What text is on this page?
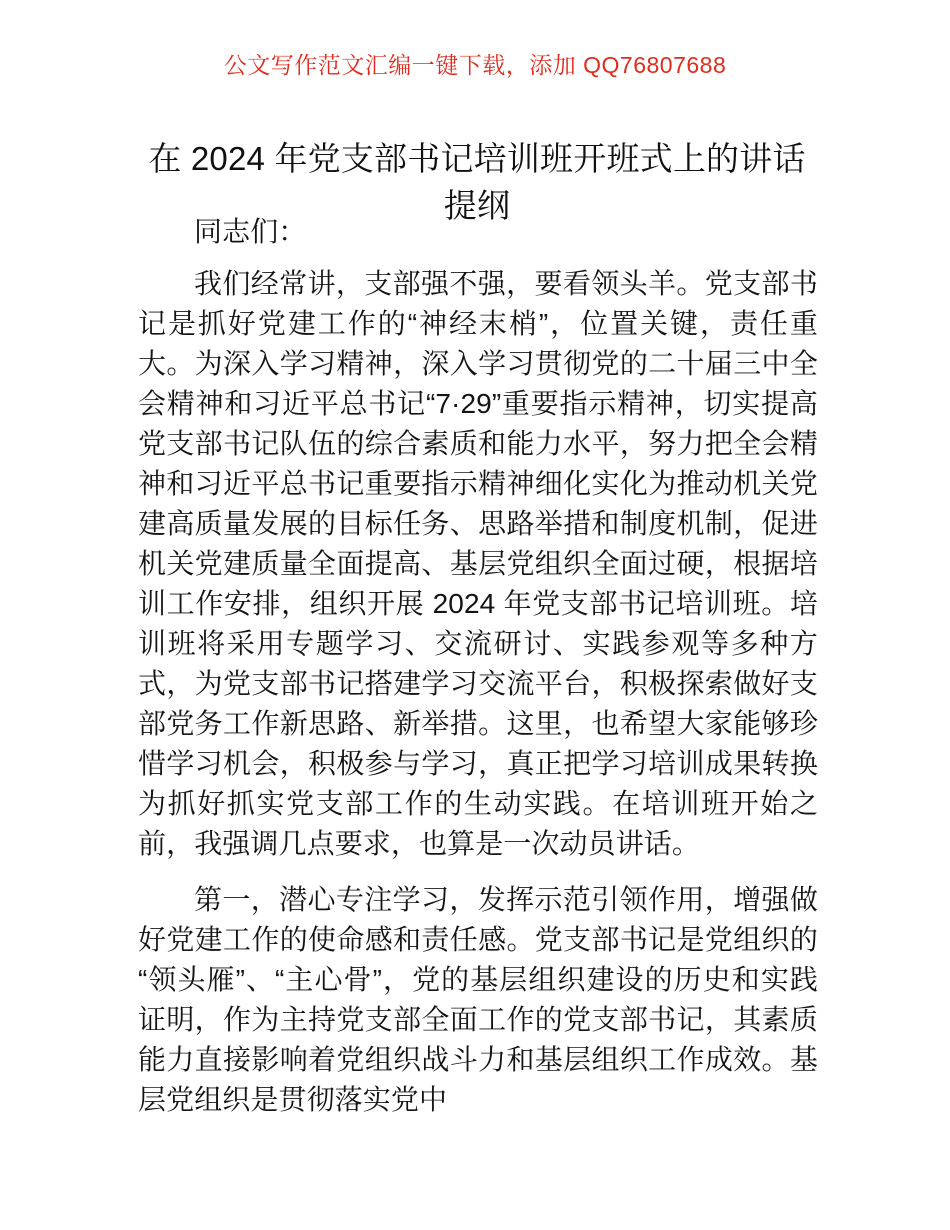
公文写作范文汇编一键下载，添加 QQ76807688
在 2024 年党支部书记培训班开班式上的讲话提纲

同志们：

我们经常讲，支部强不强，要看领头羊。党支部书记是抓好党建工作的“神经末梢”，位置关键，责任重大。为深入学习精神，深入学习贯彻党的二十届三中全会精神和习近平总书记“7·29”重要指示精神，切实提高党支部书记队伍的综合素质和能力水平，努力把全会精神和习近平总书记重要指示精神细化实化为推动机关党建高质量发展的目标任务、思路举措和制度机制，促进机关党建质量全面提高、基层党组织全面过硬，根据培训工作安排，组织开展 2024 年党支部书记培训班。培训班将采用专题学习、交流研讨、实践参观等多种方式，为党支部书记搭建学习交流平台，积极探索做好支部党务工作新思路、新举措。这里，也希望大家能够珍惜学习机会，积极参与学习，真正把学习培训成果转换为抓好抓实党支部工作的生动实践。在培训班开始之前，我强调几点要求，也算是一次动员讲话。

第一，潜心专注学习，发挥示范引领作用，增强做好党建工作的使命感和责任感。党支部书记是党组织的“领头雁”、“主心骨”，党的基层组织建设的历史和实践证明，作为主持党支部全面工作的党支部书记，其素质能力直接影响着党组织战斗力和基层组织工作成效。基层党组织是贯彻落实党中
